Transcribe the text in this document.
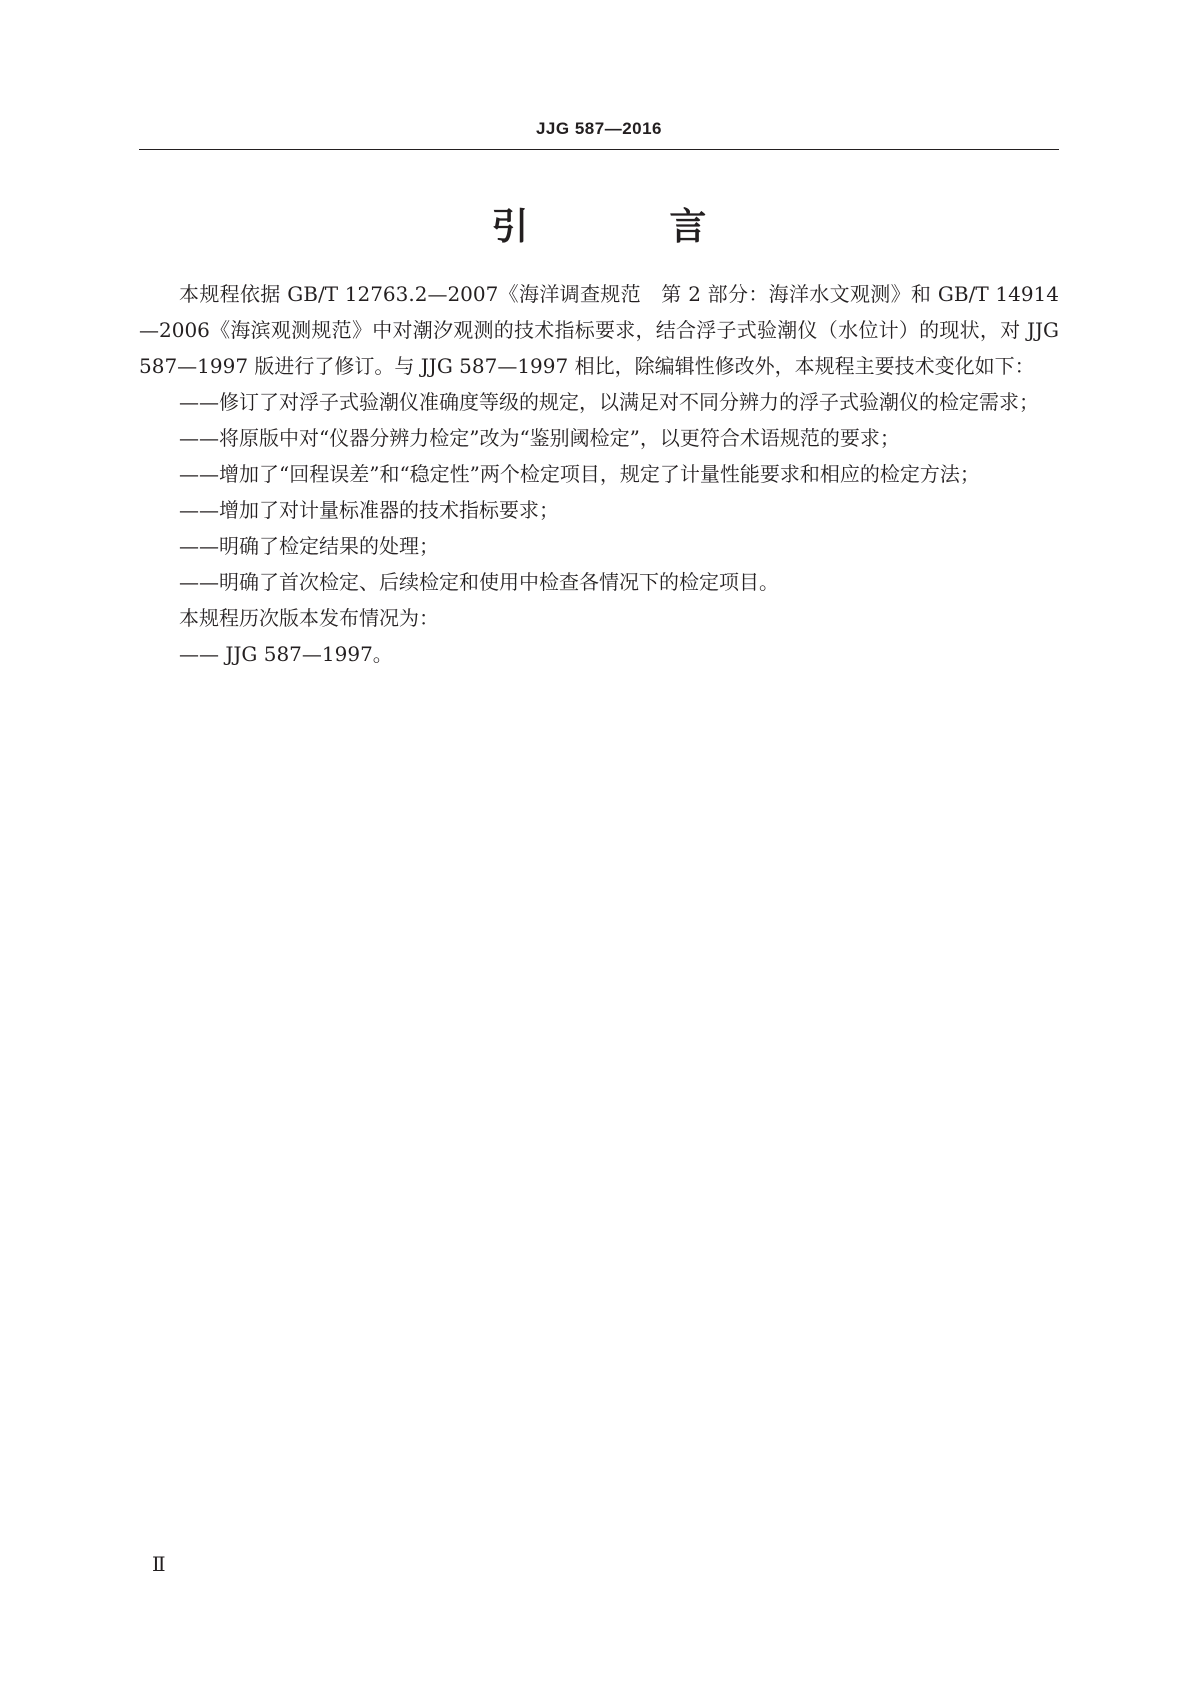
JJG 587—2016
引 言

本规程依据 GB/T 12763.2—2007《海洋调查规范　第 2 部分：海洋水文观测》和 GB/T 14914—2006《海滨观测规范》中对潮汐观测的技术指标要求，结合浮子式验潮仪（水位计）的现状，对 JJG 587—1997 版进行了修订。与 JJG 587—1997 相比，除编辑性修改外，本规程主要技术变化如下：

——修订了对浮子式验潮仪准确度等级的规定，以满足对不同分辨力的浮子式验潮仪的检定需求；

——将原版中对“仪器分辨力检定”改为“鉴别阈检定”，以更符合术语规范的要求；

——增加了“回程误差”和“稳定性”两个检定项目，规定了计量性能要求和相应的检定方法；

——增加了对计量标准器的技术指标要求；

——明确了检定结果的处理；

——明确了首次检定、后续检定和使用中检查各情况下的检定项目。

本规程历次版本发布情况为：

—— JJG 587—1997。

Ⅱ
